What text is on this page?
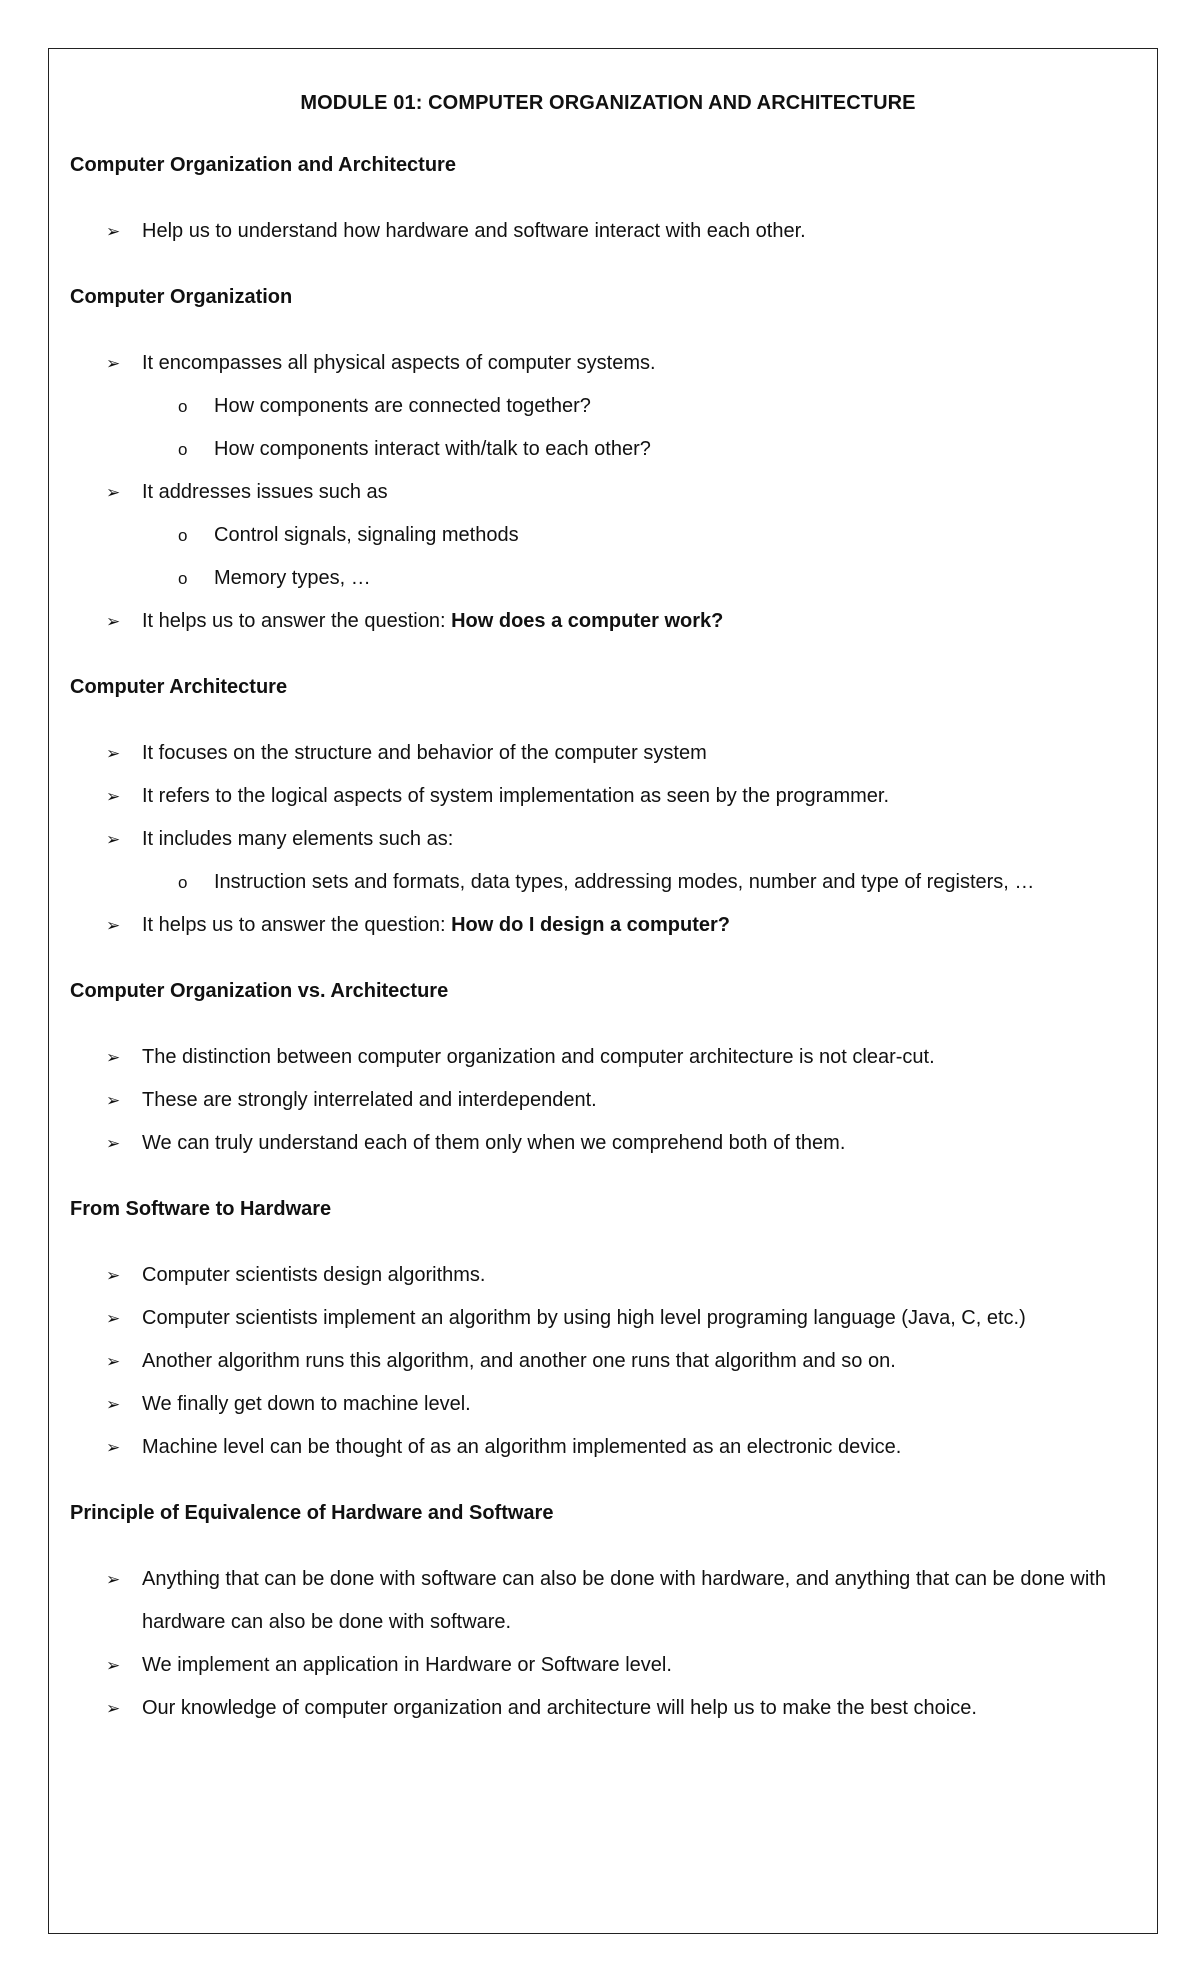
MODULE 01: COMPUTER ORGANIZATION AND ARCHITECTURE
Computer Organization and Architecture
➢ Help us to understand how hardware and software interact with each other.
Computer Organization
➢ It encompasses all physical aspects of computer systems.
o How components are connected together?
o How components interact with/talk to each other?
➢ It addresses issues such as
o Control signals, signaling methods
o Memory types, …
➢ It helps us to answer the question: How does a computer work?
Computer Architecture
➢ It focuses on the structure and behavior of the computer system
➢ It refers to the logical aspects of system implementation as seen by the programmer.
➢ It includes many elements such as:
o Instruction sets and formats, data types, addressing modes, number and type of registers, …
➢ It helps us to answer the question: How do I design a computer?
Computer Organization vs. Architecture
➢ The distinction between computer organization and computer architecture is not clear-cut.
➢ These are strongly interrelated and interdependent.
➢ We can truly understand each of them only when we comprehend both of them.
From Software to Hardware
➢ Computer scientists design algorithms.
➢ Computer scientists implement an algorithm by using high level programing language (Java, C, etc.)
➢ Another algorithm runs this algorithm, and another one runs that algorithm and so on.
➢ We finally get down to machine level.
➢ Machine level can be thought of as an algorithm implemented as an electronic device.
Principle of Equivalence of Hardware and Software
➢ Anything that can be done with software can also be done with hardware, and anything that can be done with hardware can also be done with software.
➢ We implement an application in Hardware or Software level.
➢ Our knowledge of computer organization and architecture will help us to make the best choice.
